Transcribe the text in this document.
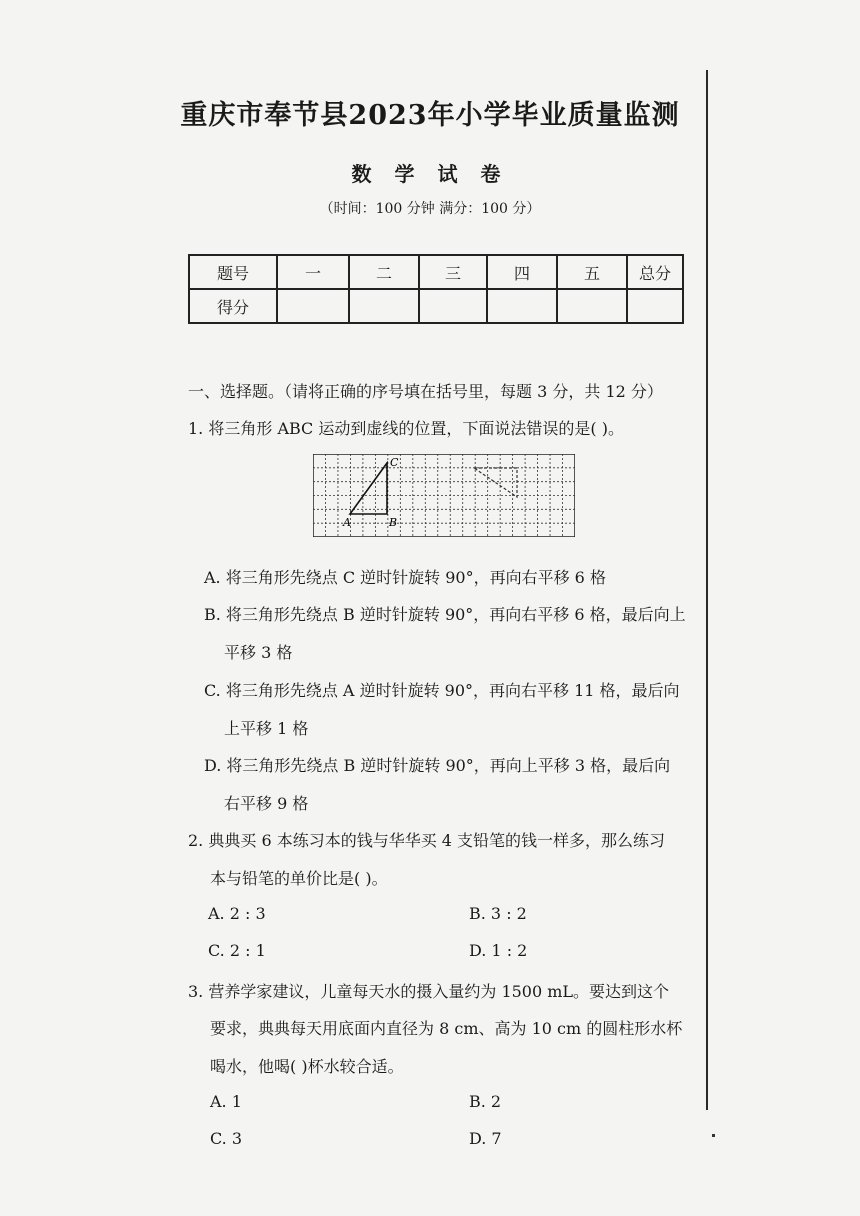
重庆市奉节县2023年小学毕业质量监测
数 学 试 卷
（时间：100 分钟 满分：100 分）
题号	一	二	三	四	五	总分
得分						
一、选择题。（请将正确的序号填在括号里，每题 3 分，共 12 分）
1. 将三角形 ABC 运动到虚线的位置，下面说法错误的是( )。
A	B
C
A. 将三角形先绕点 C 逆时针旋转 90°，再向右平移 6 格
B. 将三角形先绕点 B 逆时针旋转 90°，再向右平移 6 格，最后向上
平移 3 格
C. 将三角形先绕点 A 逆时针旋转 90°，再向右平移 11 格，最后向
上平移 1 格
D. 将三角形先绕点 B 逆时针旋转 90°，再向上平移 3 格，最后向
右平移 9 格
2. 典典买 6 本练习本的钱与华华买 4 支铅笔的钱一样多，那么练习
本与铅笔的单价比是( )。
A. 2 : 3	B. 3 : 2
C. 2 : 1	D. 1 : 2
3. 营养学家建议，儿童每天水的摄入量约为 1500 mL。要达到这个
要求，典典每天用底面内直径为 8 cm、高为 10 cm 的圆柱形水杯
喝水，他喝( )杯水较合适。
A. 1	B. 2
C. 3	D. 7
